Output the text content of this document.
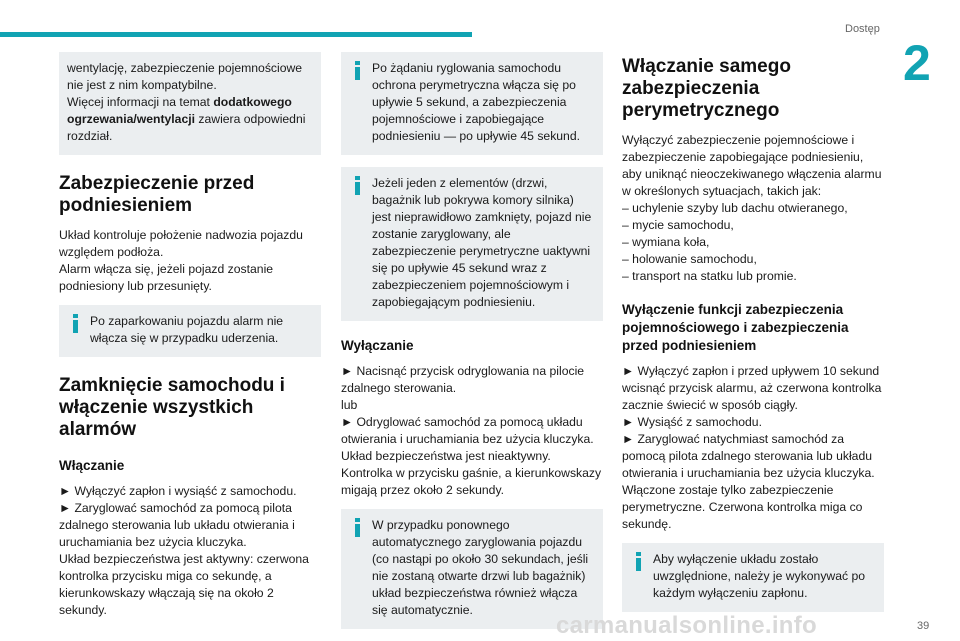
Dostęp
2
wentylację, zabezpieczenie pojemnościowe nie jest z nim kompatybilne.
Więcej informacji na temat dodatkowego ogrzewania/wentylacji zawiera odpowiedni rozdział.
Zabezpieczenie przed podniesieniem

Układ kontroluje położenie nadwozia pojazdu względem podłoża.
Alarm włącza się, jeżeli pojazd zostanie podniesiony lub przesunięty.

Po zaparkowaniu pojazdu alarm nie włącza się w przypadku uderzenia.
Zamknięcie samochodu i włączenie wszystkich alarmów
Włączanie

► Wyłączyć zapłon i wysiąść z samochodu.
► Zaryglować samochód za pomocą pilota zdalnego sterowania lub układu otwierania i uruchamiania bez użycia kluczyka.
Układ bezpieczeństwa jest aktywny: czerwona kontrolka przycisku miga co sekundę, a kierunkowskazy włączają się na około 2 sekundy.

Po żądaniu ryglowania samochodu ochrona perymetryczna włącza się po upływie 5 sekund, a zabezpieczenia pojemnościowe i zapobiegające podniesieniu — po upływie 45 sekund.
Jeżeli jeden z elementów (drzwi, bagażnik lub pokrywa komory silnika) jest nieprawidłowo zamknięty, pojazd nie zostanie zaryglowany, ale zabezpieczenie perymetryczne uaktywni się po upływie 45 sekund wraz z zabezpieczeniem pojemnościowym i zapobiegającym podniesieniu.
Wyłączanie

► Nacisnąć przycisk odryglowania na pilocie zdalnego sterowania.
lub
► Odryglować samochód za pomocą układu otwierania i uruchamiania bez użycia kluczyka.
Układ bezpieczeństwa jest nieaktywny. Kontrolka w przycisku gaśnie, a kierunkowskazy migają przez około 2 sekundy.

W przypadku ponownego automatycznego zaryglowania pojazdu (co nastąpi po około 30 sekundach, jeśli nie zostaną otwarte drzwi lub bagażnik) układ bezpieczeństwa również włącza się automatycznie.
Włączanie samego zabezpieczenia perymetrycznego

Wyłączyć zabezpieczenie pojemnościowe i zabezpieczenie zapobiegające podniesieniu, aby uniknąć nieoczekiwanego włączenia alarmu w określonych sytuacjach, takich jak:
– uchylenie szyby lub dachu otwieranego,
– mycie samochodu,
– wymiana koła,
– holowanie samochodu,
– transport na statku lub promie.

Wyłączenie funkcji zabezpieczenia pojemnościowego i zabezpieczenia przed podniesieniem

► Wyłączyć zapłon i przed upływem 10 sekund wcisnąć przycisk alarmu, aż czerwona kontrolka zacznie świecić w sposób ciągły.
► Wysiąść z samochodu.
► Zaryglować natychmiast samochód za pomocą pilota zdalnego sterowania lub układu otwierania i uruchamiania bez użycia kluczyka.
Włączone zostaje tylko zabezpieczenie perymetryczne. Czerwona kontrolka miga co sekundę.

Aby wyłączenie układu zostało uwzględnione, należy je wykonywać po każdym wyłączeniu zapłonu.
carmanualsonline.info	39
